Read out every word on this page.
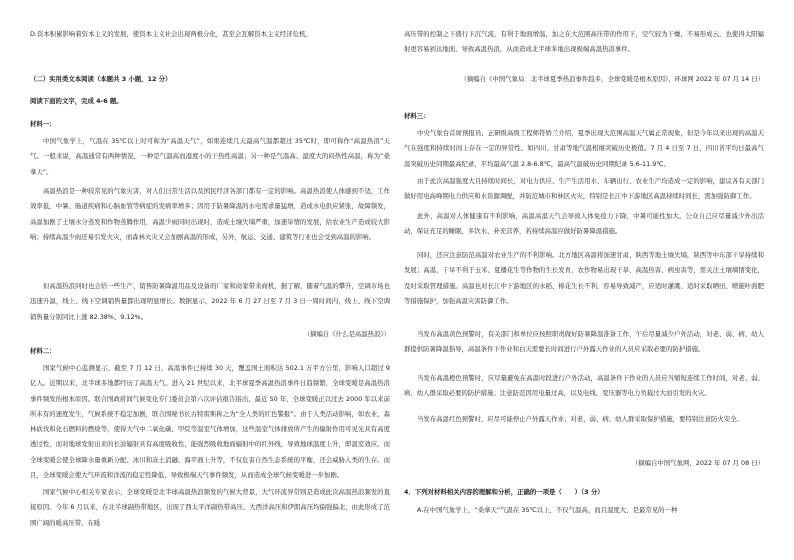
D.资本积累影响着资本主义的发展，使资本主义社会出现两极分化，甚至会瓦解资本主义经济危机。
（二）实用类文本阅读（本题共 3 小题，12 分）
阅读下面的文字，完成 4-6 题。
材料一：
中国气象学上，气温在 35℃以上时可称为“高温天气”，如果连续几天最高气温都超过 35℃时，即可称作“高温热浪”天气。一般来说，高温通常有两种情况，一种是气温高而湿度小的干热性高温；另一种是气温高、湿度大的闷热性高温，称为“桑拿天”。
高温热浪是一种较常见的气象灾害，对人们日常生活以及国民经济各部门都有一定的影响。高温热浪使人体感到不适，工作效率低，中暑、肠道疾病和心脑血管等病症的发病率增多；因用于防暑降温的水电需求量猛增，造成水电供应紧张，故障频发，高温加剧了土壤水分蒸发和作物蒸腾作用，高温少雨同时出现时，造成土壤失墒严重，加速旱情的发展，给农业生产造成较大影响；持续高温少雨还易引发火灾，而森林火灾又会加剧高温的形成，另外，航运、交通、建筑等行业也会受到高温的影响。
但高温热浪同时也会给一些生产、销售防暑降温用品及设备的厂家和商家带来商机，据了解，随着气温的攀升，空调市场也迅速升温，线上、线下空调销售量都出现明显增长。数据显示，2022 年 6 月 27 日至 7 月 3 日一周时间内，线上、线下空调销售量分别同比上涨 82.38%、9.12%。
（摘编自《什么是高温热浪》）
材料二：
国家气候中心监测显示，截至 7 月 12 日，高温事件已持续 30 天，覆盖国土面积达 502.1 万平方公里，影响人口超过 9 亿人。近期以来，北半球多地都经历了高温天气。进入 21 世纪以来，北半球夏季高温热浪事件日趋频繁，全球变暖是高温热浪事件频发的根本原因。联合国政府间气候变化专门委员会第六次评估报告指出，最近 50 年，全球变暖正以过去 2000 年以来前所未有的速度发生，气候系统不稳定加剧，联合国秘书长古特雷斯称之为“全人类的红色警报”。由于人类活动影响，如农业、森林砍伐和化石燃料的燃烧等，使得大气中二氧化碳、甲烷等温室气体增加，这些温室气体排放所产生的辐射作用可见光具有高度透过性，而对地球发射出来的长波辐射具有高度吸收性，能强烈吸收地面辐射中的红外线，导致地球温度上升，即温室效应。而全球变暖会使全球降水量重新分配、冰川和冻土消融、海平面上升等，不仅危害自然生态系统的平衡，还会威胁人类的生存。而且，全球变暖会使大气环流和洋流的稳定性降低，导致极端天气事件频发，从而造成全球气候变暖进一步加剧。
国家气候中心相关专家表示，全球变暖是北半球高温热浪频发的气候大背景，大气环流异常则是造成此次高温热浪频发的直接原因。今年 6 月以来，在北半球副热带地区，出现了西太平洋副热带高压、大西洋高压和伊朗高压均偏强偏北，由此形成了范围广阔的暖高压带。在暖
高压带的控制之下盛行下沉气流，有利于地面增温，加之在大范围高压带的作用下，空气较为干燥，不易形成云，也使得太阳辐射更容易到达地面，导致高温热浪，从而造成北半球多地出现极端高温热浪事件。
（摘编自《中国气象局：北半球夏季热浪事件趋多，全球变暖是根本原因》，环球网 2022 年 07 月 14 日）
材料三：
中央气象台首席预报员、正研级高级工程师符娇兰介绍，夏季出现大范围高温天气属正常现象，但是今年以来出现的高温天气在强度和持续时间上存在一定的异常性。如四川、甘肃等地气温相继突破历史极值。7 月 4 日至 7 日，四川省平均日最高气温突破历史同期最高纪录，平均最高气温 2.8-6.8℃，最高气温破历史同期纪录 5.6-11.9℃。
由于此次高温强度大且持续时间长，对电力供应、生产生活用水、车辆出行、农业生产均造成一定的影响，建议各有关部门做好用电高峰期电力供应和水资源调配，并防范城市和林区火灾，特别是长江中下游地区高温持续时间长，需加强防御工作。
此外，高温对人体健康有不利影响，高温高湿天气会导致人体免疫力下降，中暑可能性加大。公众自己应尽量减少外出活动，保证充足的睡眠，多饮水，补充营养，若持续高温应做好防暑降温措施。
同时，还应注意防范高温对农业生产的不利影响。北方地区高温将加速甘肃、陕西等地土壤失墒，陕西等中东部干旱持续和发展；高温、干旱不利于玉米、夏播花生等作物的生长发育，农作物易出现干旱、高温热害、病虫害等，需关注土壤墒情变化，及时采取管理措施。高温也对长江中下游地区的水稻、棉花生长不利，容易导致减产，应适时灌溉、适时采取晒田、喷施叶面肥等措施保护，加强高温灾害防御工作。
当发布高温黄色预警时，有关部门和单位应按照职责做好防暑降温准备工作，午后尽量减少户外活动，对老、弱、病、幼人群提供防暑降温指导，高温条件下作业和白天需要长时间进行户外露天作业的人员应采取必要的防护措施。
当发布高温橙色预警时，应尽量避免在高温时段进行户外活动，高温条件下作业的人员应当缩短连续工作时间，对老、弱、病、幼人群采取必要的防护措施；注意防范因用电量过高，以及电线、变压器等电力负载过大而引发的火灾。
当发布高温红色预警时，应尽可能停止户外露天作业；对老、弱、病、幼人群采取保护措施，要特别注意防火安全。
（摘编自中国气象网，2022 年 07 月 08 日）
4．下列对材料相关内容的理解和分析，正确的一项是（　　）（3 分）
A.在中国气象学上，“桑拿天”气温在 35℃以上，不仅气温高，而且湿度大，是最常见的一种
